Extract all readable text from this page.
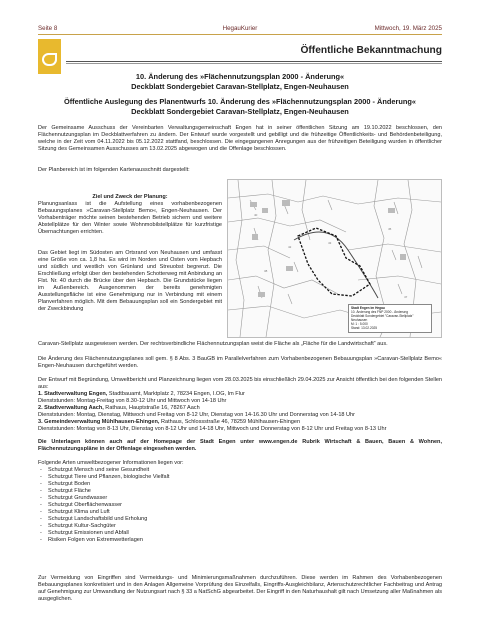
Seite 8	HegauKurier	Mittwoch, 19. März 2025
Öffentliche Bekanntmachung
10. Änderung des »Flächennutzungsplan 2000 - Änderung«
Deckblatt Sondergebiet Caravan-Stellplatz, Engen-Neuhausen
Öffentliche Auslegung des Planentwurfs 10. Änderung des »Flächennutzungsplan 2000 - Änderung«
Deckblatt Sondergebiet Caravan-Stellplatz, Engen-Neuhausen
Der Gemeinsame Ausschuss der Vereinbarten Verwaltungsgemeinschaft Engen hat in seiner öffentlichen Sitzung am 19.10.2022 beschlossen, den Flächennutzungsplan im Deckblattverfahren zu ändern. Der Entwurf wurde vorgestellt und gebilligt und die frühzeitige Öffentlichkeits- und Behördenbeteiligung, welche in der Zeit vom 04.11.2022 bis 05.12.2022 stattfand, beschlossen. Die eingegangenen Anregungen aus der frühzeitigen Beteiligung wurden in öffentlicher Sitzung des Gemeinsamen Ausschusses am 13.02.2025 abgewogen und die Offenlage beschlossen.
Der Planbereich ist im folgenden Kartenausschnitt dargestellt:
Ziel und Zweck der Planung:
Planungsanlass ist die Aufstellung eines vorhabenbezogenen Bebauungsplanes »Caravan-Stellplatz Bemo«, Engen-Neuhausen. Der Vorhabenträger möchte seinen bestehenden Betrieb sichern und weitere Abstellplätze für den Winter sowie Wohnmobilstellplätze für kurzfristige Übernachtungen errichten.
Das Gebiet liegt im Südosten am Ortsrand von Neuhausen und umfasst eine Größe von ca. 1,8 ha. Es wird im Norden und Osten vom Hepbach und südlich und westlich von Grünland und Streuobst begrenzt. Die Erschließung erfolgt über den bestehenden Schotterweg mit Anbindung an Flst. Nr. 40 durch die Brücke über den Hepbach. Die Grundstücke liegen im Außenbereich. Ausgenommen der bereits genehmigten Ausstellungsfläche ist eine Genehmigung nur in Verbindung mit einem Planverfahren möglich. Mit dem Bebauungsplan soll ein Sondergebiet mit der Zweckbindung
40
42
43
45
38
47
Stadt Engen im Hegau
10. Änderung des FNP 2000 - Änderung
Deckblatt Sondergebiet "Caravan-Stellplatz"
Neuhausen
M: 1 : 5.000
Stand: 13.02.2025
Caravan-Stellplatz ausgewiesen werden. Der rechtsverbindliche Flächennutzungsplan weist die Fläche als „Fläche für die Landwirtschaft“ aus.
Die Änderung des Flächennutzungsplanes soll gem. § 8 Abs. 3 BauGB im Parallelverfahren zum Vorhabenbezogenen Bebauungsplan »Caravan-Stellplatz Bemo« Engen-Neuhausen durchgeführt werden.
Der Entwurf mit Begründung, Umweltbericht und Planzeichnung liegen vom 28.03.2025 bis einschließlich 29.04.2025 zur Ansicht öffentlich bei den folgenden Stellen aus:
1. Stadtverwaltung Engen, Stadtbauamt, Marktplatz 2, 78234 Engen, I.OG, Im Flur
Dienststunden: Montag-Freitag von 8.30-12 Uhr und Mittwoch von 14-18 Uhr
2. Stadtverwaltung Aach, Rathaus, Hauptstraße 16, 78267 Aach
Dienststunden: Montag, Dienstag, Mittwoch und Freitag von 8-12 Uhr, Dienstag von 14-16.30 Uhr und Donnerstag von 14-18 Uhr
3. Gemeindeverwaltung Mühlhausen-Ehingen, Rathaus, Schlossstraße 46, 78259 Mühlhausen-Ehingen
Dienststunden: Montag von 8-13 Uhr, Dienstag von 8-12 Uhr und 14-18 Uhr, Mittwoch und Donnerstag von 8-12 Uhr und Freitag von 8-13 Uhr
Die Unterlagen können auch auf der Homepage der Stadt Engen unter www.engen.de Rubrik Wirtschaft & Bauen, Bauen & Wohnen, Flächennutzungspläne in der Offenlage eingesehen werden.
Folgende Arten umweltbezogener Informationen liegen vor:
- Schutzgut Mensch und seine Gesundheit
- Schutzgut Tiere und Pflanzen, biologische Vielfalt
- Schutzgut Boden
- Schutzgut Fläche
- Schutzgut Grundwasser
- Schutzgut Oberflächenwasser
- Schutzgut Klima und Luft
- Schutzgut Landschaftsbild und Erholung
- Schutzgut Kultur-Sachgüter
- Schutzgut Emissionen und Abfall
- Risiken Folgen von Extremwetterlagen
Zur Vermeidung von Eingriffen sind Vermeidungs- und Minimierungsmaßnahmen durchzuführen. Diese werden im Rahmen des Vorhabenbezogenen Bebauungsplanes konkretisiert und in den Anlagen Allgemeine Vorprüfung des Einzelfalls, Eingriffs-Ausgleichbilanz, Artenschutzrechtlicher Fachbeitrag und Antrag auf Genehmigung zur Umwandlung der Nutzungsart nach § 33 a NatSchG abgearbeitet. Der Eingriff in den Naturhaushalt gilt nach Umsetzung aller Maßnahmen als ausgeglichen.
